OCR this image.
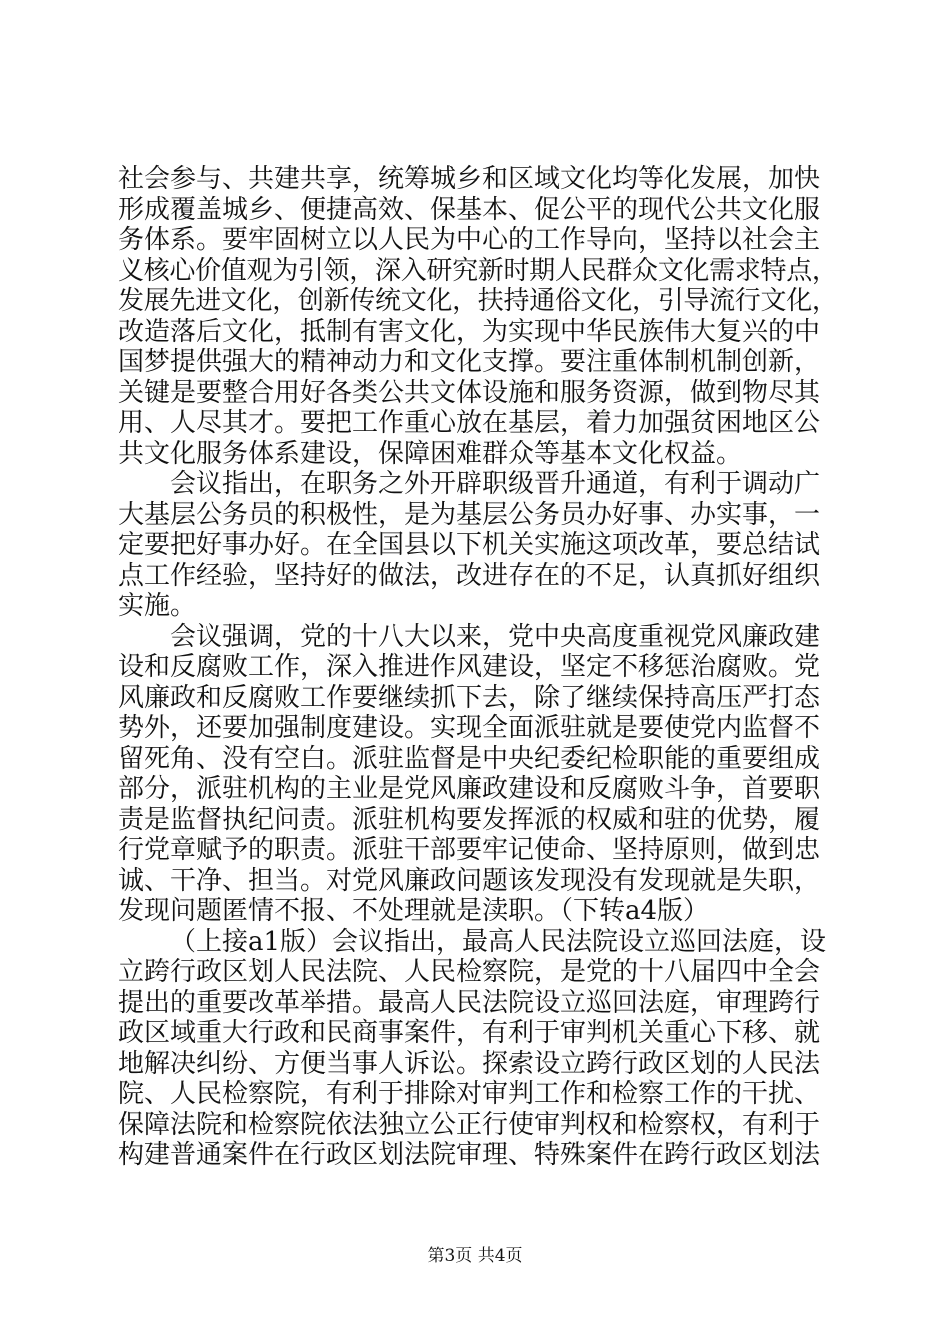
社会参与、共建共享，统筹城乡和区域文化均等化发展，加快
形成覆盖城乡、便捷高效、保基本、促公平的现代公共文化服
务体系。要牢固树立以人民为中心的工作导向，坚持以社会主
义核心价值观为引领，深入研究新时期人民群众文化需求特点，
发展先进文化，创新传统文化，扶持通俗文化，引导流行文化，
改造落后文化，抵制有害文化，为实现中华民族伟大复兴的中
国梦提供强大的精神动力和文化支撑。要注重体制机制创新，
关键是要整合用好各类公共文体设施和服务资源，做到物尽其
用、人尽其才。要把工作重心放在基层，着力加强贫困地区公
共文化服务体系建设，保障困难群众等基本文化权益。
会议指出，在职务之外开辟职级晋升通道，有利于调动广
大基层公务员的积极性，是为基层公务员办好事、办实事，一
定要把好事办好。在全国县以下机关实施这项改革，要总结试
点工作经验，坚持好的做法，改进存在的不足，认真抓好组织
实施。
会议强调，党的十八大以来，党中央高度重视党风廉政建
设和反腐败工作，深入推进作风建设，坚定不移惩治腐败。党
风廉政和反腐败工作要继续抓下去，除了继续保持高压严打态
势外，还要加强制度建设。实现全面派驻就是要使党内监督不
留死角、没有空白。派驻监督是中央纪委纪检职能的重要组成
部分，派驻机构的主业是党风廉政建设和反腐败斗争，首要职
责是监督执纪问责。派驻机构要发挥派的权威和驻的优势，履
行党章赋予的职责。派驻干部要牢记使命、坚持原则，做到忠
诚、干净、担当。对党风廉政问题该发现没有发现就是失职，
发现问题匿情不报、不处理就是渎职。（下转a4版）
（上接a1版）会议指出，最高人民法院设立巡回法庭，设
立跨行政区划人民法院、人民检察院，是党的十八届四中全会
提出的重要改革举措。最高人民法院设立巡回法庭，审理跨行
政区域重大行政和民商事案件，有利于审判机关重心下移、就
地解决纠纷、方便当事人诉讼。探索设立跨行政区划的人民法
院、人民检察院，有利于排除对审判工作和检察工作的干扰、
保障法院和检察院依法独立公正行使审判权和检察权，有利于
构建普通案件在行政区划法院审理、特殊案件在跨行政区划法
第3页 共4页
